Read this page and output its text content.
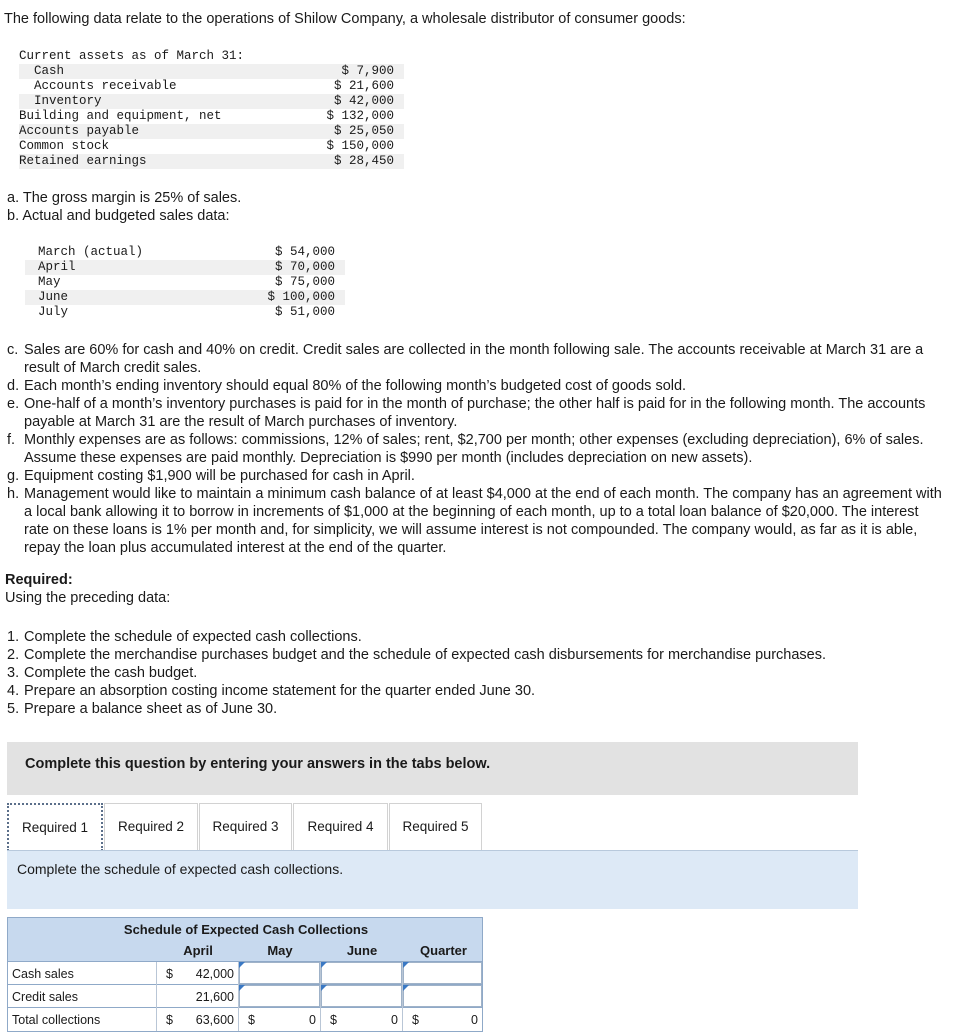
The following data relate to the operations of Shilow Company, a wholesale distributor of consumer goods:
Current assets as of March 31:
Cash	$ 7,900
Accounts receivable	$ 21,600
Inventory	$ 42,000
Building and equipment, net	$ 132,000
Accounts payable	$ 25,050
Common stock	$ 150,000
Retained earnings	$ 28,450
a. The gross margin is 25% of sales.
b. Actual and budgeted sales data:
March (actual)	$ 54,000
April	$ 70,000
May	$ 75,000
June	$ 100,000
July	$ 51,000
c. Sales are 60% for cash and 40% on credit. Credit sales are collected in the month following sale. The accounts receivable at March 31 are a result of March credit sales.
d. Each month’s ending inventory should equal 80% of the following month’s budgeted cost of goods sold.
e. One-half of a month’s inventory purchases is paid for in the month of purchase; the other half is paid for in the following month. The accounts payable at March 31 are the result of March purchases of inventory.
f. Monthly expenses are as follows: commissions, 12% of sales; rent, $2,700 per month; other expenses (excluding depreciation), 6% of sales. Assume these expenses are paid monthly. Depreciation is $990 per month (includes depreciation on new assets).
g. Equipment costing $1,900 will be purchased for cash in April.
h. Management would like to maintain a minimum cash balance of at least $4,000 at the end of each month. The company has an agreement with a local bank allowing it to borrow in increments of $1,000 at the beginning of each month, up to a total loan balance of $20,000. The interest rate on these loans is 1% per month and, for simplicity, we will assume interest is not compounded. The company would, as far as it is able, repay the loan plus accumulated interest at the end of the quarter.
Required:
Using the preceding data:
1. Complete the schedule of expected cash collections.
2. Complete the merchandise purchases budget and the schedule of expected cash disbursements for merchandise purchases.
3. Complete the cash budget.
4. Prepare an absorption costing income statement for the quarter ended June 30.
5. Prepare a balance sheet as of June 30.
Complete this question by entering your answers in the tabs below.
Required 1	Required 2	Required 3	Required 4	Required 5
Complete the schedule of expected cash collections.
Schedule of Expected Cash Collections
April	May	June	Quarter
Cash sales	$	42,000
Credit sales	21,600
Total collections	$	63,600 $	0 $	0 $	0
